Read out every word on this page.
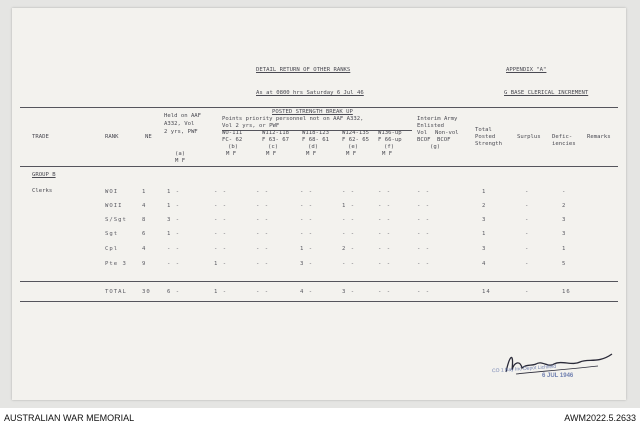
DETAIL RETURN OF OTHER RANKS	APPENDIX "A"
As at 0800 hrs Saturday 6 Jul 46	G BASE CLERICAL INCREMENT
POSTED STRENGTH BREAK UP
Held on AAF
A332, Vol
2 yrs, PWF
Points priority personnel not on AAF A332,
Vol 2 yrs, or PWF
Interim Army
Enlisted
WO-111	W112-118 W118-123 W124-135 W136-up	Vol Non-vol
FC- 62	F 63- 67 F 68- 61 F 62- 65 F 66-up	BCOF BCOF
TRADE	RANK	NE
Total
Posted
Strength
Surplus Defic-
iencies
Remarks
(a)
(b)	(c)	(d)	(e)	(f)	(g)
M F
M F	M F	M F	M F	M F
GROUP B
Clerks	WOI	1	1 -	- -	- -	- -	- -	- -	- -	1	-	-
WOII	4	1 -	- -	- -	- -	1 -	- -	- -	2	-	2
S/Sgt	8	3 -	- -	- -	- -	- -	- -	- -	3	-	3
Sgt	6	1 -	- -	- -	- -	- -	- -	- -	1	-	3
Cpl	4	- -	- -	- -	1 -	2 -	- -	- -	3	-	1
Pte 3	9	- -	1 -	- -	3 -	- -	- -	- -	4	-	5
TOTAL	30	6 -	1 -	- -	4 -	3 -	- -	- -	14	-	16
CO 1 Bay Inc Depot Lichfield
6 JUL 1946
AUSTRALIAN WAR MEMORIAL	AWM2022.5.2633
